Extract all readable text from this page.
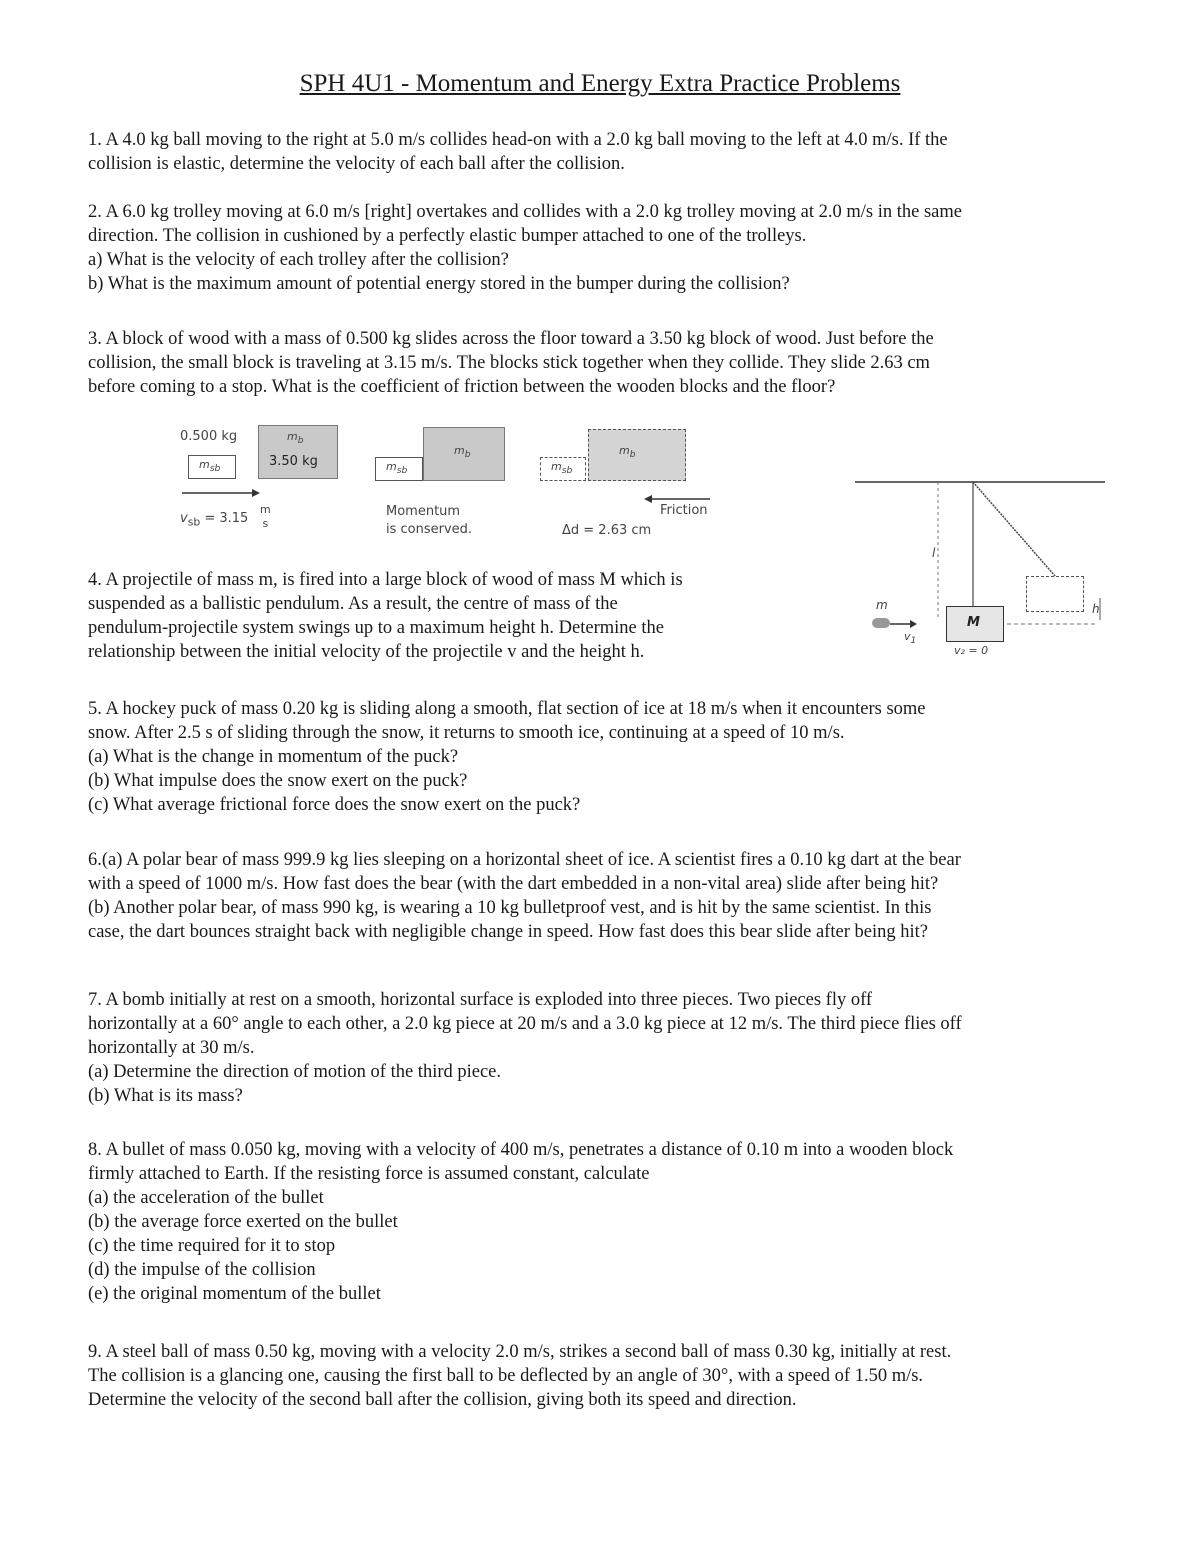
SPH 4U1 - Momentum and Energy Extra Practice Problems
1. A 4.0 kg ball moving to the right at 5.0 m/s collides head-on with a 2.0 kg ball moving to the left at 4.0 m/s. If the
collision is elastic, determine the velocity of each ball after the collision.
2. A 6.0 kg trolley moving at 6.0 m/s [right] overtakes and collides with a 2.0 kg trolley moving at 2.0 m/s in the same
direction. The collision in cushioned by a perfectly elastic bumper attached to one of the trolleys.
a) What is the velocity of each trolley after the collision?
b) What is the maximum amount of potential energy stored in the bumper during the collision?
3. A block of wood with a mass of 0.500 kg slides across the floor toward a 3.50 kg block of wood. Just before the
collision, the small block is traveling at 3.15 m/s. The blocks stick together when they collide. They slide 2.63 cm
before coming to a stop. What is the coefficient of friction between the wooden blocks and the floor?
0.500 kg
$m_{sb}$
$m_b$
3.50 kg	$m_{sb}$
$m_b$
$m_{sb}$
$m_b$
$v_{sb} = 3.15$
m
s
Momentum
is conserved.
Friction
Δd = 2.63 cm
4. A projectile of mass m, is fired into a large block of wood of mass M which is
suspended as a ballistic pendulum. As a result, the centre of mass of the
pendulum-projectile system swings up to a maximum height h. Determine the
relationship between the initial velocity of the projectile v and the height h.
M
l
m
$v_1$
v₂ = 0
h
5. A hockey puck of mass 0.20 kg is sliding along a smooth, flat section of ice at 18 m/s when it encounters some
snow. After 2.5 s of sliding through the snow, it returns to smooth ice, continuing at a speed of 10 m/s.
(a) What is the change in momentum of the puck?
(b) What impulse does the snow exert on the puck?
(c) What average frictional force does the snow exert on the puck?
6.(a) A polar bear of mass 999.9 kg lies sleeping on a horizontal sheet of ice. A scientist fires a 0.10 kg dart at the bear
with a speed of 1000 m/s. How fast does the bear (with the dart embedded in a non-vital area) slide after being hit?
(b) Another polar bear, of mass 990 kg, is wearing a 10 kg bulletproof vest, and is hit by the same scientist. In this
case, the dart bounces straight back with negligible change in speed. How fast does this bear slide after being hit?
7. A bomb initially at rest on a smooth, horizontal surface is exploded into three pieces. Two pieces fly off
horizontally at a 60° angle to each other, a 2.0 kg piece at 20 m/s and a 3.0 kg piece at 12 m/s. The third piece flies off
horizontally at 30 m/s.
(a) Determine the direction of motion of the third piece.
(b) What is its mass?
8. A bullet of mass 0.050 kg, moving with a velocity of 400 m/s, penetrates a distance of 0.10 m into a wooden block
firmly attached to Earth. If the resisting force is assumed constant, calculate
(a) the acceleration of the bullet
(b) the average force exerted on the bullet
(c) the time required for it to stop
(d) the impulse of the collision
(e) the original momentum of the bullet
9. A steel ball of mass 0.50 kg, moving with a velocity 2.0 m/s, strikes a second ball of mass 0.30 kg, initially at rest.
The collision is a glancing one, causing the first ball to be deflected by an angle of 30°, with a speed of 1.50 m/s.
Determine the velocity of the second ball after the collision, giving both its speed and direction.
